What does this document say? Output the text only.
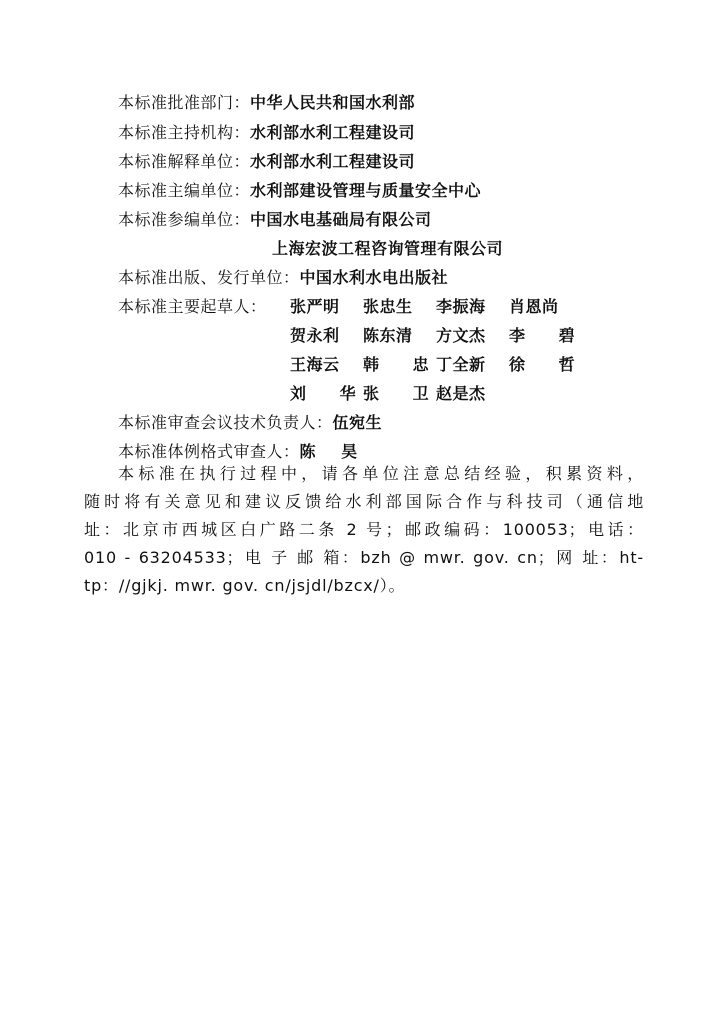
本标准批准部门：中华人民共和国水利部
本标准主持机构：水利部水利工程建设司
本标准解释单位：水利部水利工程建设司
本标准主编单位：水利部建设管理与质量安全中心
本标准参编单位：中国水电基础局有限公司
上海宏波工程咨询管理有限公司
本标准出版、发行单位：中国水利水电出版社
本标准主要起草人： 张严明 张忠生 李振海 肖恩尚
贺永利 陈东清 方文杰 李 碧
王海云 韩 忠丁全新 徐 哲
刘 华张 卫赵是杰
本标准审查会议技术负责人：伍宛生
本标准体例格式审查人：陈 昊
本标准在执行过程中，请各单位注意总结经验，积累资料，
随时将有关意见和建议反馈给水利部国际合作与科技司（通信地
址：北京市西城区白广路二条 2 号；邮政编码：100053；电话：
010 - 63204533；电 子 邮 箱：bzh @ mwr. gov. cn；网 址：ht-
tp：//gjkj. mwr. gov. cn/jsjdl/bzcx/）。
